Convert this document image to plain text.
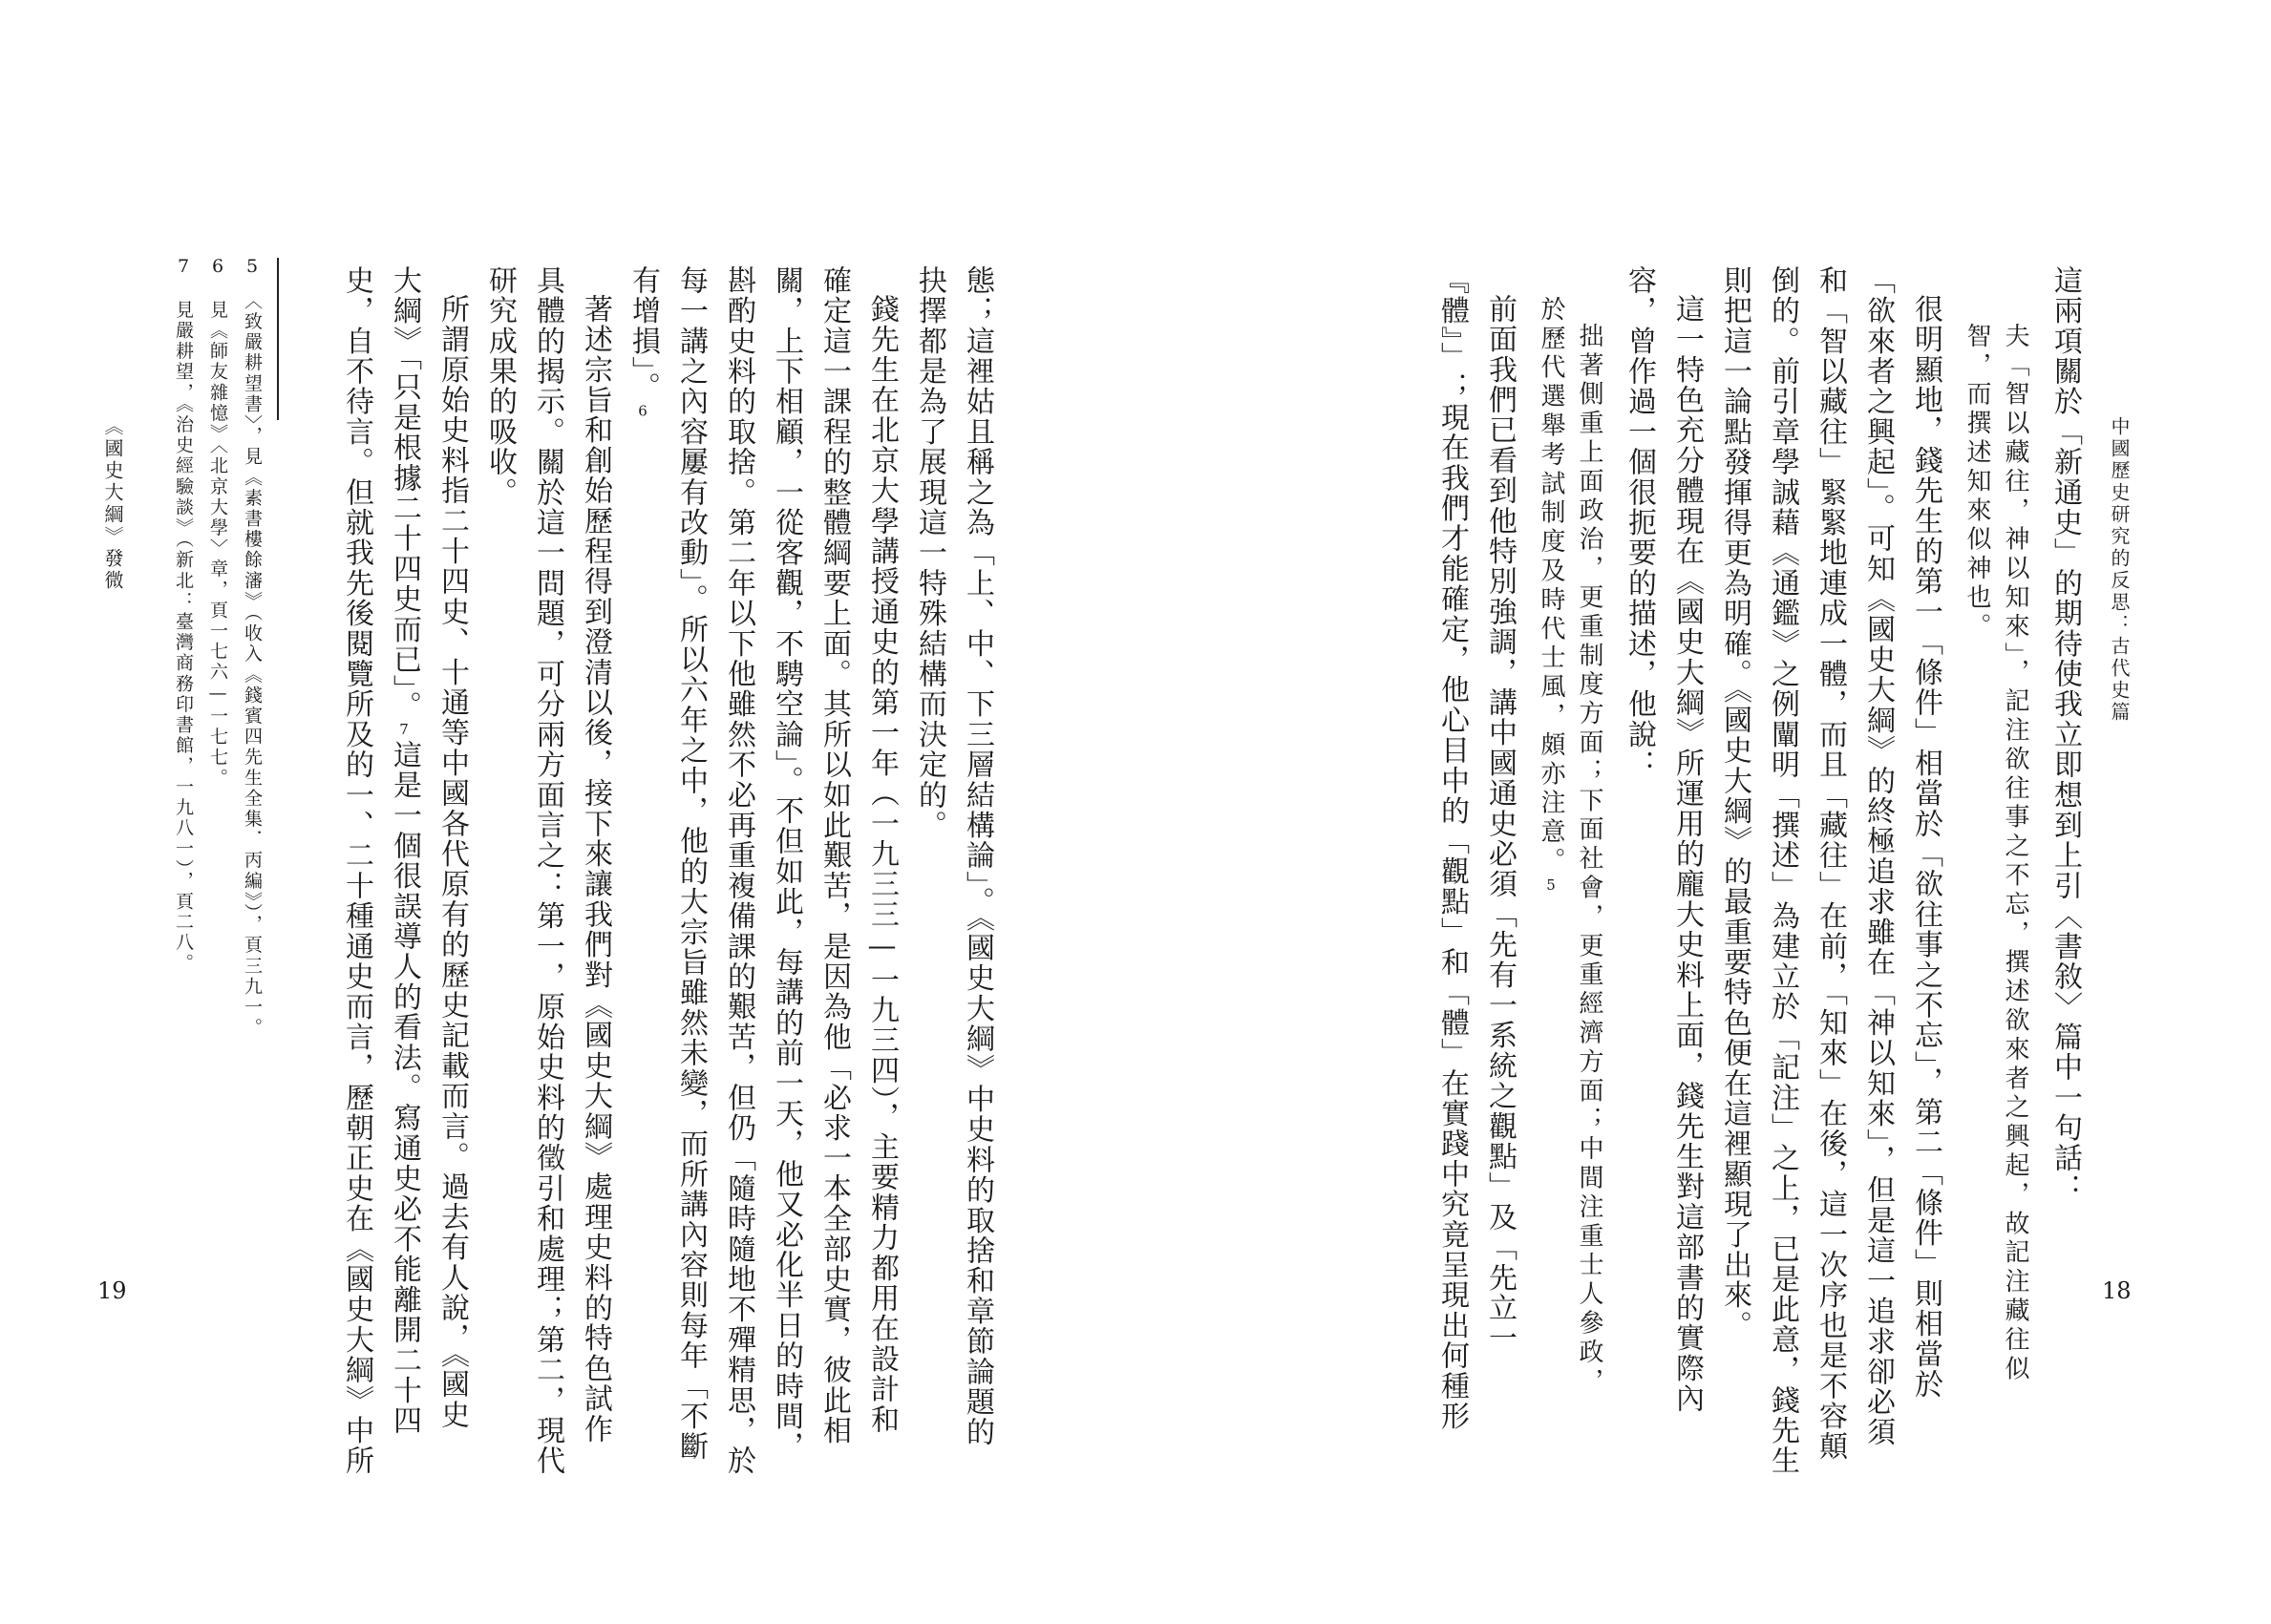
態；這裡姑且稱之為「上、中、下三層結構論」。《國史大綱》中史料的取捨和章節論題的
抉擇都是為了展現這一特殊結構而決定的。
錢先生在北京大學講授通史的第一年（一九三三—一九三四），主要精力都用在設計和
確定這一課程的整體綱要上面。其所以如此艱苦，是因為他「必求一本全部史實，彼此相
關，上下相顧，一從客觀，不騁空論」。不但如此，每講的前一天，他又必化半日的時間，
斟酌史料的取捨。第二年以下他雖然不必再重複備課的艱苦，但仍「隨時隨地不殫精思，於
每一講之內容屢有改動」。所以六年之中，他的大宗旨雖然未變，而所講內容則每年「不斷
有增損」。6
著述宗旨和創始歷程得到澄清以後，接下來讓我們對《國史大綱》處理史料的特色試作
具體的揭示。關於這一問題，可分兩方面言之：第一，原始史料的徵引和處理；第二，現代
研究成果的吸收。
所謂原始史料指二十四史、十通等中國各代原有的歷史記載而言。過去有人說，《國史
大綱》「只是根據二十四史而已」。7這是一個很誤導人的看法。寫通史必不能離開二十四
史，自不待言。但就我先後閱覽所及的一、二十種通史而言，歷朝正史在《國史大綱》中所
5　〈致嚴耕望書〉，見《素書樓餘瀋》（收入《錢賓四先生全集．丙編》），頁三九一。
6　見《師友雜憶》〈北京大學〉章，頁一七六—一七七。
7　見嚴耕望，《治史經驗談》（新北：臺灣商務印書館，一九八一），頁二八。
《國史大綱》發微
19
中國歷史研究的反思：古代史篇
18
這兩項關於「新通史」的期待使我立即想到上引〈書敘〉篇中一句話：
夫「智以藏往，神以知來」，記注欲往事之不忘，撰述欲來者之興起，故記注藏往似
智，而撰述知來似神也。
很明顯地，錢先生的第一「條件」相當於「欲往事之不忘」，第二「條件」則相當於
「欲來者之興起」。可知《國史大綱》的終極追求雖在「神以知來」，但是這一追求卻必須
和「智以藏往」緊緊地連成一體，而且「藏往」在前，「知來」在後，這一次序也是不容顛
倒的。前引章學誠藉《通鑑》之例闡明「撰述」為建立於「記注」之上，已是此意，錢先生
則把這一論點發揮得更為明確。《國史大綱》的最重要特色便在這裡顯現了出來。
這一特色充分體現在《國史大綱》所運用的龐大史料上面，錢先生對這部書的實際內
容，曾作過一個很扼要的描述，他說：
拙著側重上面政治，更重制度方面；下面社會，更重經濟方面；中間注重士人參政，
於歷代選舉考試制度及時代士風，頗亦注意。5
前面我們已看到他特別強調，講中國通史必須「先有一系統之觀點」及「先立一
『體』」；現在我們才能確定，他心目中的「觀點」和「體」在實踐中究竟呈現出何種形
